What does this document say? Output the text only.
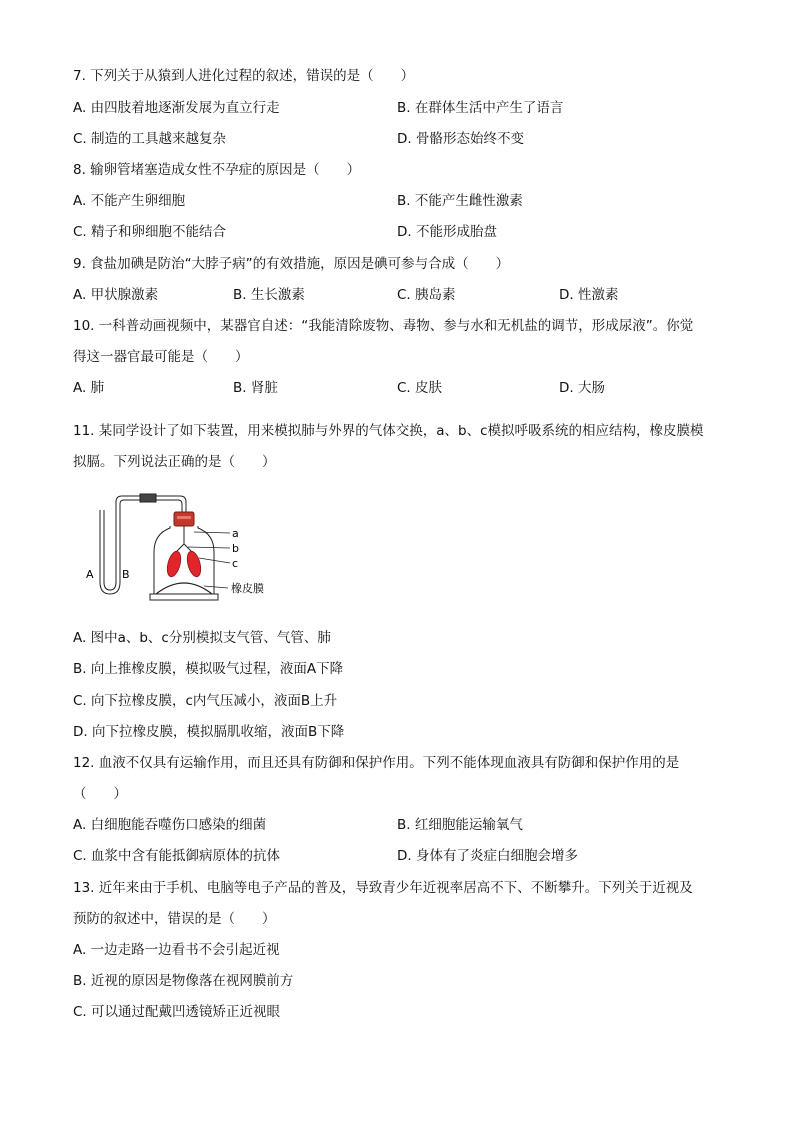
7. 下列关于从猿到人进化过程的叙述，错误的是（　　）
A. 由四肢着地逐渐发展为直立行走	B. 在群体生活中产生了语言
C. 制造的工具越来越复杂	D. 骨骼形态始终不变
8. 输卵管堵塞造成女性不孕症的原因是（　　）
A. 不能产生卵细胞	B. 不能产生雌性激素
C. 精子和卵细胞不能结合	D. 不能形成胎盘
9. 食盐加碘是防治“大脖子病”的有效措施，原因是碘可参与合成（　　）
A. 甲状腺激素	B. 生长激素	C. 胰岛素	D. 性激素
10. 一科普动画视频中，某器官自述：“我能清除废物、毒物、参与水和无机盐的调节，形成尿液”。你觉
得这一器官最可能是（　　）
A. 肺	B. 肾脏	C. 皮肤	D. 大肠
11. 某同学设计了如下装置，用来模拟肺与外界的气体交换，a、b、c模拟呼吸系统的相应结构，橡皮膜模
拟膈。下列说法正确的是（　　）
a
b
c
橡皮膜
A	B
A. 图中a、b、c分别模拟支气管、气管、肺
B. 向上推橡皮膜，模拟吸气过程，液面A下降
C. 向下拉橡皮膜，c内气压减小，液面B上升
D. 向下拉橡皮膜，模拟膈肌收缩，液面B下降
12. 血液不仅具有运输作用，而且还具有防御和保护作用。下列不能体现血液具有防御和保护作用的是
（　　）
A. 白细胞能吞噬伤口感染的细菌	B. 红细胞能运输氧气
C. 血浆中含有能抵御病原体的抗体	D. 身体有了炎症白细胞会增多
13. 近年来由于手机、电脑等电子产品的普及，导致青少年近视率居高不下、不断攀升。下列关于近视及
预防的叙述中，错误的是（　　）
A. 一边走路一边看书不会引起近视
B. 近视的原因是物像落在视网膜前方
C. 可以通过配戴凹透镜矫正近视眼
